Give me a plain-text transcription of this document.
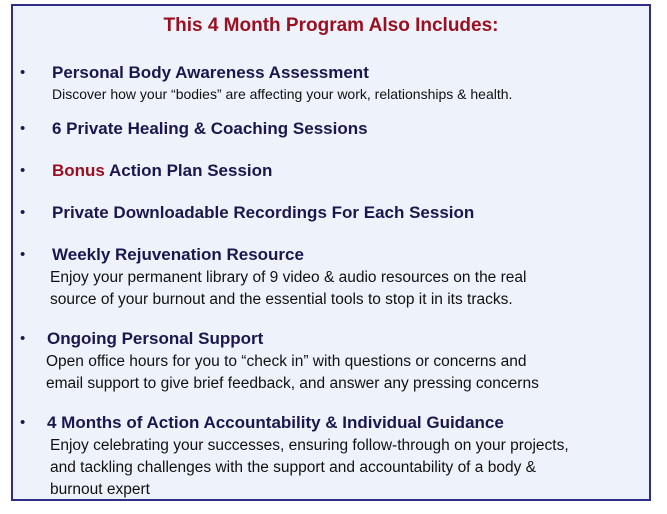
This 4 Month Program Also Includes:
• Personal Body Awareness Assessment
Discover how your “bodies” are affecting your work, relationships & health.
• 6 Private Healing & Coaching Sessions
• Bonus Action Plan Session
• Private Downloadable Recordings For Each Session
• Weekly Rejuvenation Resource
Enjoy your permanent library of 9 video & audio resources on the real
source of your burnout and the essential tools to stop it in its tracks.
• Ongoing Personal Support
Open office hours for you to “check in” with questions or concerns and
email support to give brief feedback, and answer any pressing concerns
• 4 Months of Action Accountability & Individual Guidance
Enjoy celebrating your successes, ensuring follow-through on your projects,
and tackling challenges with the support and accountability of a body &
burnout expert
